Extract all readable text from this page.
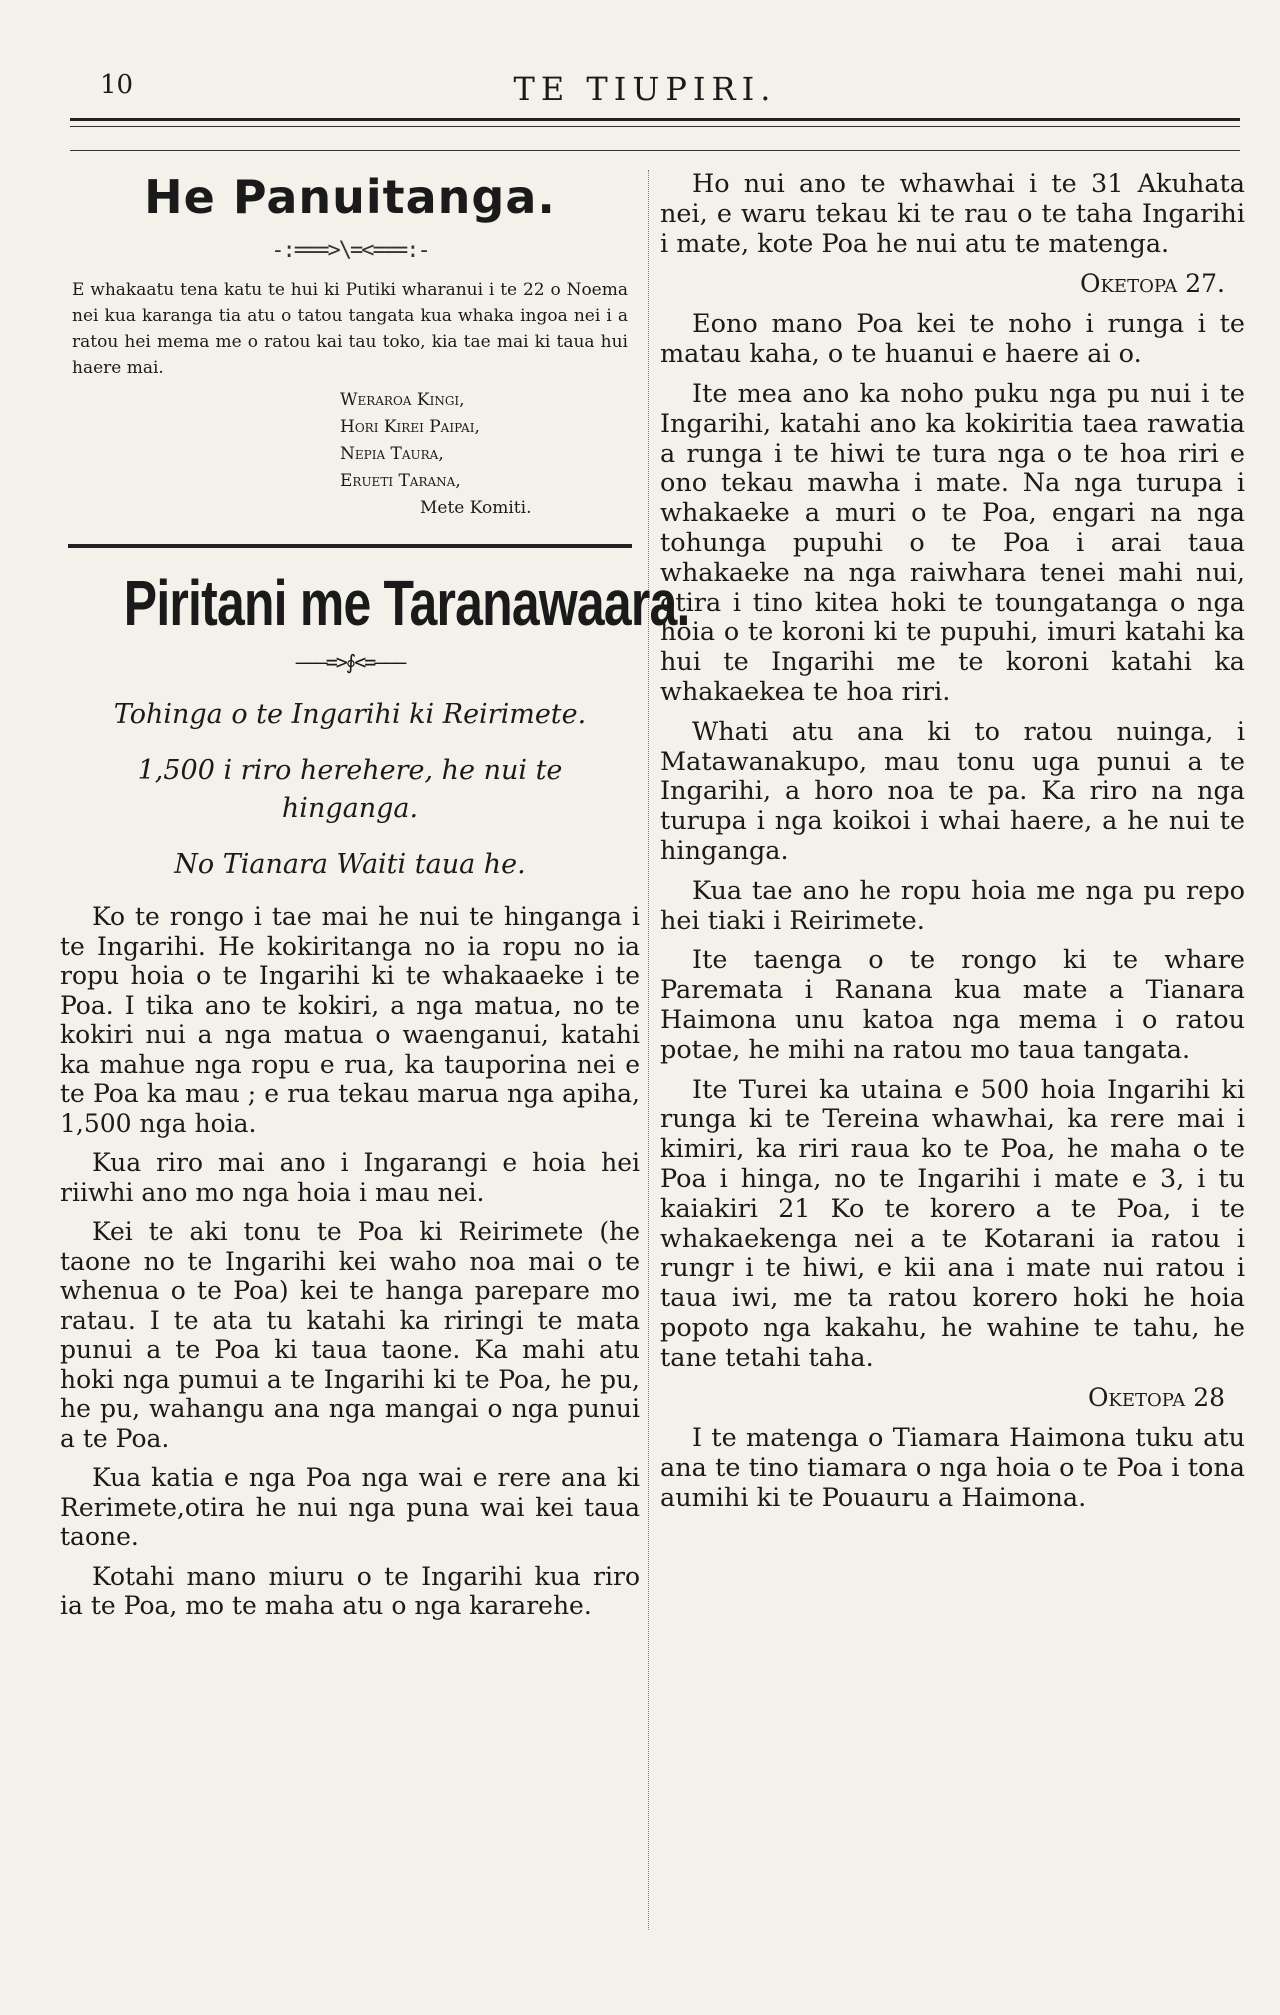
10	TE TIUPIRI.
He Panuitanga.
-:===>\=<===:-

E whakaatu tena katu te hui ki Putiki wharanui i te 22 o Noema nei kua karanga tia atu o tatou tangata kua whaka ingoa nei i a ratou hei mema me o ratou kai tau toko, kia tae mai ki taua hui haere mai.

Weraroa Kingi,
Hori Kirei Paipai,
Nepia Taura,
Erueti Tarana,
Mete Komiti.
Piritani me Taranawaara.
———=>∮<=———
Tohinga o te Ingarihi ki Reirimete.
1,500 i riro herehere, he nui te hinganga.
No Tianara Waiti taua he.

Ko te rongo i tae mai he nui te hinganga i te Ingarihi. He kokiritanga no ia ropu no ia ropu hoia o te Ingarihi ki te whakaaeke i te Poa. I tika ano te kokiri, a nga matua, no te kokiri nui a nga matua o waenganui, katahi ka mahue nga ropu e rua, ka tauporina nei e te Poa ka mau ; e rua tekau marua nga apiha, 1,500 nga hoia.

Kua riro mai ano i Ingarangi e hoia hei riiwhi ano mo nga hoia i mau nei.

Kei te aki tonu te Poa ki Reirimete (he taone no te Ingarihi kei waho noa mai o te whenua o te Poa) kei te hanga parepare mo ratau. I te ata tu katahi ka riringi te mata punui a te Poa ki taua taone. Ka mahi atu hoki nga pumui a te Ingarihi ki te Poa, he pu, he pu, wahangu ana nga mangai o nga punui a te Poa.

Kua katia e nga Poa nga wai e rere ana ki Rerimete,otira he nui nga puna wai kei taua taone.

Kotahi mano miuru o te Ingarihi kua riro ia te Poa, mo te maha atu o nga kararehe.

Ho nui ano te whawhai i te 31 Akuhata nei, e waru tekau ki te rau o te taha Ingarihi i mate, kote Poa he nui atu te matenga.

Oketopa 27.

Eono mano Poa kei te noho i runga i te matau kaha, o te huanui e haere ai o.

Ite mea ano ka noho puku nga pu nui i te Ingarihi, katahi ano ka kokiritia taea rawatia a runga i te hiwi te tura nga o te hoa riri e ono tekau mawha i mate. Na nga turupa i whakaeke a muri o te Poa, engari na nga tohunga pupuhi o te Poa i arai taua whakaeke na nga raiwhara tenei mahi nui, otira i tino kitea hoki te toungatanga o nga hoia o te koroni ki te pupuhi, imuri katahi ka hui te Ingarihi me te koroni katahi ka whakaekea te hoa riri.

Whati atu ana ki to ratou nuinga, i Matawanakupo, mau tonu uga punui a te Ingarihi, a horo noa te pa. Ka riro na nga turupa i nga koikoi i whai haere, a he nui te hinganga.

Kua tae ano he ropu hoia me nga pu repo hei tiaki i Reirimete.

Ite taenga o te rongo ki te whare Paremata i Ranana kua mate a Tianara Haimona unu katoa nga mema i o ratou potae, he mihi na ratou mo taua tangata.

Ite Turei ka utaina e 500 hoia Ingarihi ki runga ki te Tereina whawhai, ka rere mai i kimiri, ka riri raua ko te Poa, he maha o te Poa i hinga, no te Ingarihi i mate e 3, i tu kaiakiri 21 Ko te korero a te Poa, i te whakaekenga nei a te Kotarani ia ratou i rungr i te hiwi, e kii ana i mate nui ratou i taua iwi, me ta ratou korero hoki he hoia popoto nga kakahu, he wahine te tahu, he tane tetahi taha.

Oketopa 28

I te matenga o Tiamara Haimona tuku atu ana te tino tiamara o nga hoia o te Poa i tona aumihi ki te Pouauru a Haimona.
